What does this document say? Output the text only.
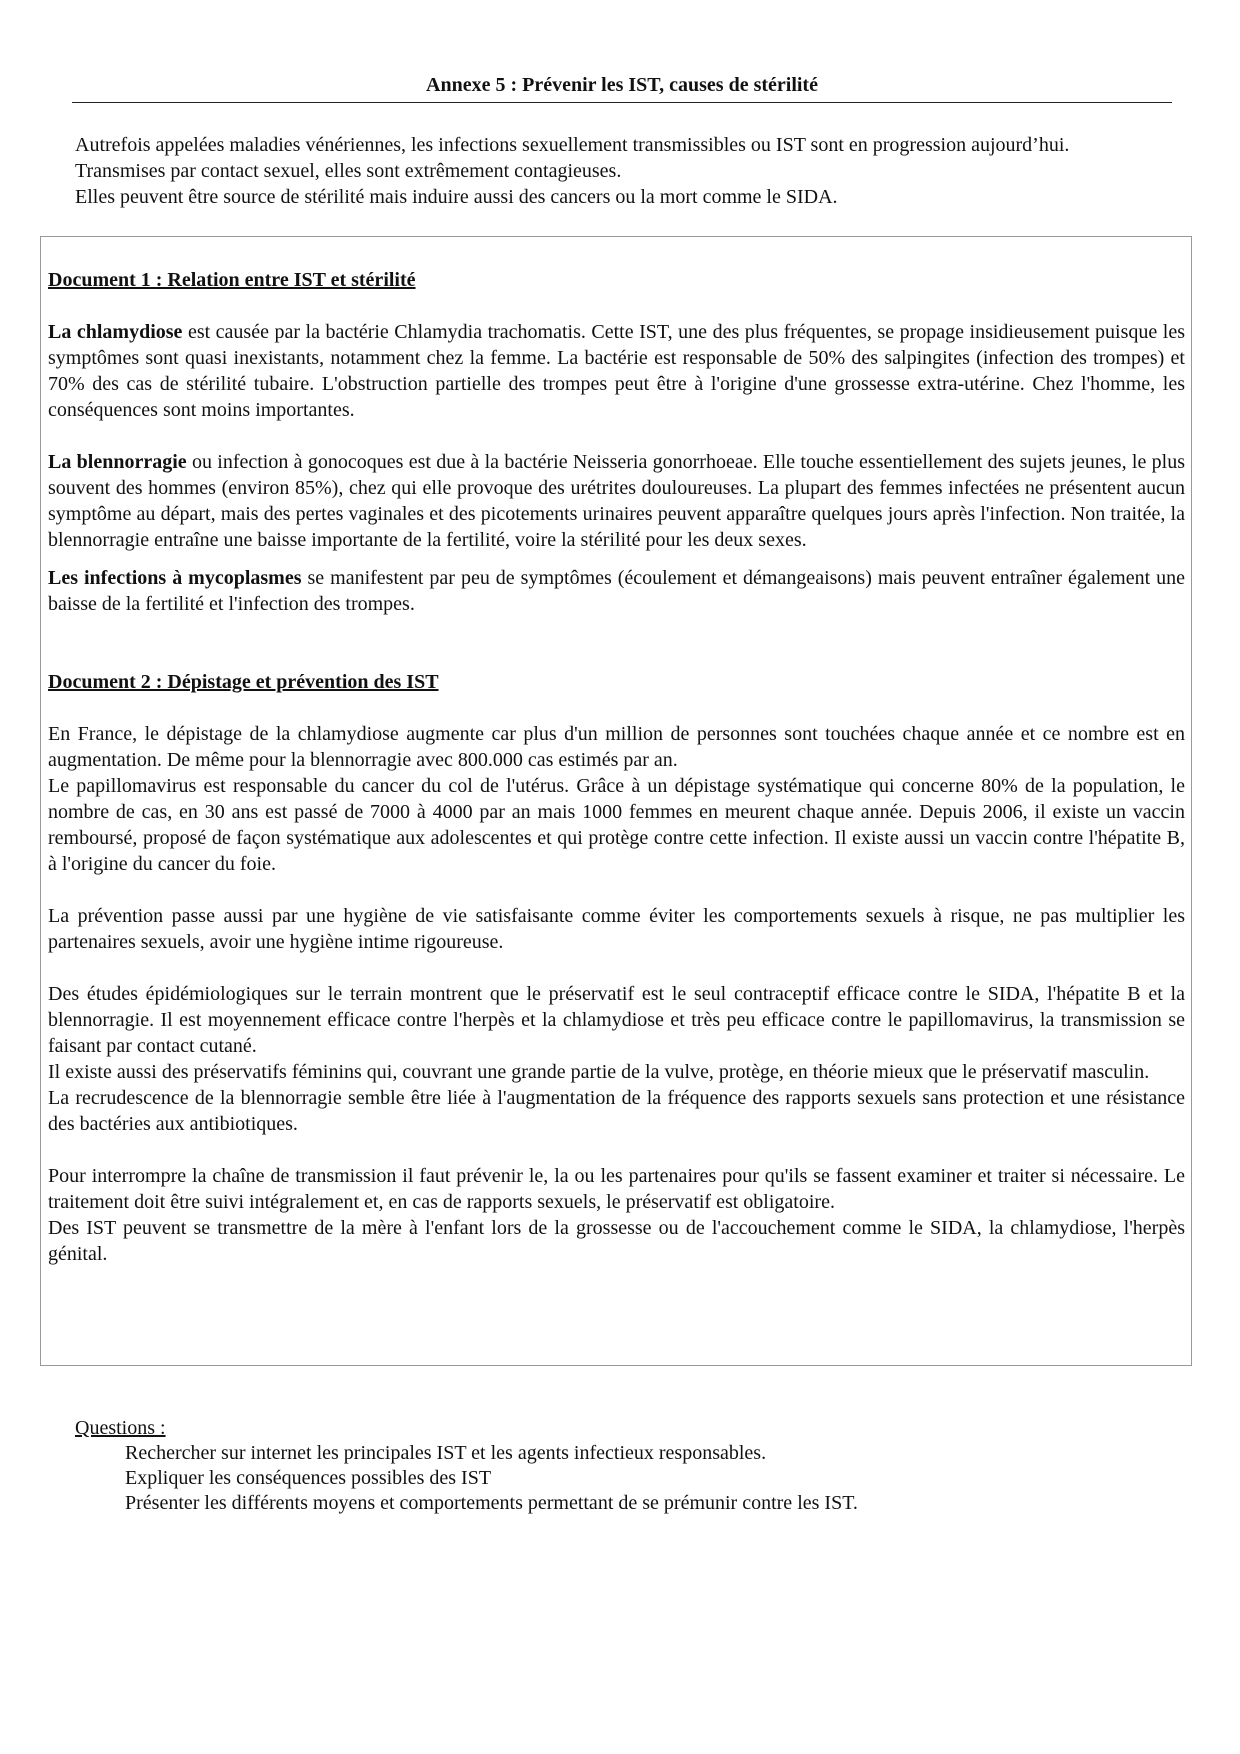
Annexe 5 : Prévenir les IST, causes de stérilité

Autrefois appelées maladies vénériennes, les infections sexuellement transmissibles ou IST sont en progression aujourd’hui. Transmises par contact sexuel, elles sont extrêmement contagieuses.

Elles peuvent être source de stérilité mais induire aussi des cancers ou la mort comme le SIDA.

Document 1 : Relation entre IST et stérilité

La chlamydiose est causée par la bactérie Chlamydia trachomatis. Cette IST, une des plus fréquentes, se propage insidieusement puisque les symptômes sont quasi inexistants, notamment chez la femme. La bactérie est responsable de 50% des salpingites (infection des trompes) et 70% des cas de stérilité tubaire. L'obstruction partielle des trompes peut être à l'origine d'une grossesse extra-utérine. Chez l'homme, les conséquences sont moins importantes.

La blennorragie ou infection à gonocoques est due à la bactérie Neisseria gonorrhoeae. Elle touche essentiellement des sujets jeunes, le plus souvent des hommes (environ 85%), chez qui elle provoque des urétrites douloureuses. La plupart des femmes infectées ne présentent aucun symptôme au départ, mais des pertes vaginales et des picotements urinaires peuvent apparaître quelques jours après l'infection. Non traitée, la blennorragie entraîne une baisse importante de la fertilité, voire la stérilité pour les deux sexes.

Les infections à mycoplasmes se manifestent par peu de symptômes (écoulement et démangeaisons) mais peuvent entraîner également une baisse de la fertilité et l'infection des trompes.

Document 2 : Dépistage et prévention des IST

En France, le dépistage de la chlamydiose augmente car plus d'un million de personnes sont touchées chaque année et ce nombre est en augmentation. De même pour la blennorragie avec 800.000 cas estimés par an.

Le papillomavirus est responsable du cancer du col de l'utérus. Grâce à un dépistage systématique qui concerne 80% de la population, le nombre de cas, en 30 ans est passé de 7000 à 4000 par an mais 1000 femmes en meurent chaque année. Depuis 2006, il existe un vaccin remboursé, proposé de façon systématique aux adolescentes et qui protège contre cette infection. Il existe aussi un vaccin contre l'hépatite B, à l'origine du cancer du foie.

La prévention passe aussi par une hygiène de vie satisfaisante comme éviter les comportements sexuels à risque, ne pas multiplier les partenaires sexuels, avoir une hygiène intime rigoureuse.

Des études épidémiologiques sur le terrain montrent que le préservatif est le seul contraceptif efficace contre le SIDA, l'hépatite B et la blennorragie. Il est moyennement efficace contre l'herpès et la chlamydiose et très peu efficace contre le papillomavirus, la transmission se faisant par contact cutané.

Il existe aussi des préservatifs féminins qui, couvrant une grande partie de la vulve, protège, en théorie mieux que le préservatif masculin.

La recrudescence de la blennorragie semble être liée à l'augmentation de la fréquence des rapports sexuels sans protection et une résistance des bactéries aux antibiotiques.

Pour interrompre la chaîne de transmission il faut prévenir le, la ou les partenaires pour qu'ils se fassent examiner et traiter si nécessaire. Le traitement doit être suivi intégralement et, en cas de rapports sexuels, le préservatif est obligatoire.

Des IST peuvent se transmettre de la mère à l'enfant lors de la grossesse ou de l'accouchement comme le SIDA, la chlamydiose, l'herpès génital.

Questions :

Rechercher sur internet les principales IST et les agents infectieux responsables.
Expliquer les conséquences possibles des IST
Présenter les différents moyens et comportements permettant de se prémunir contre les IST.
